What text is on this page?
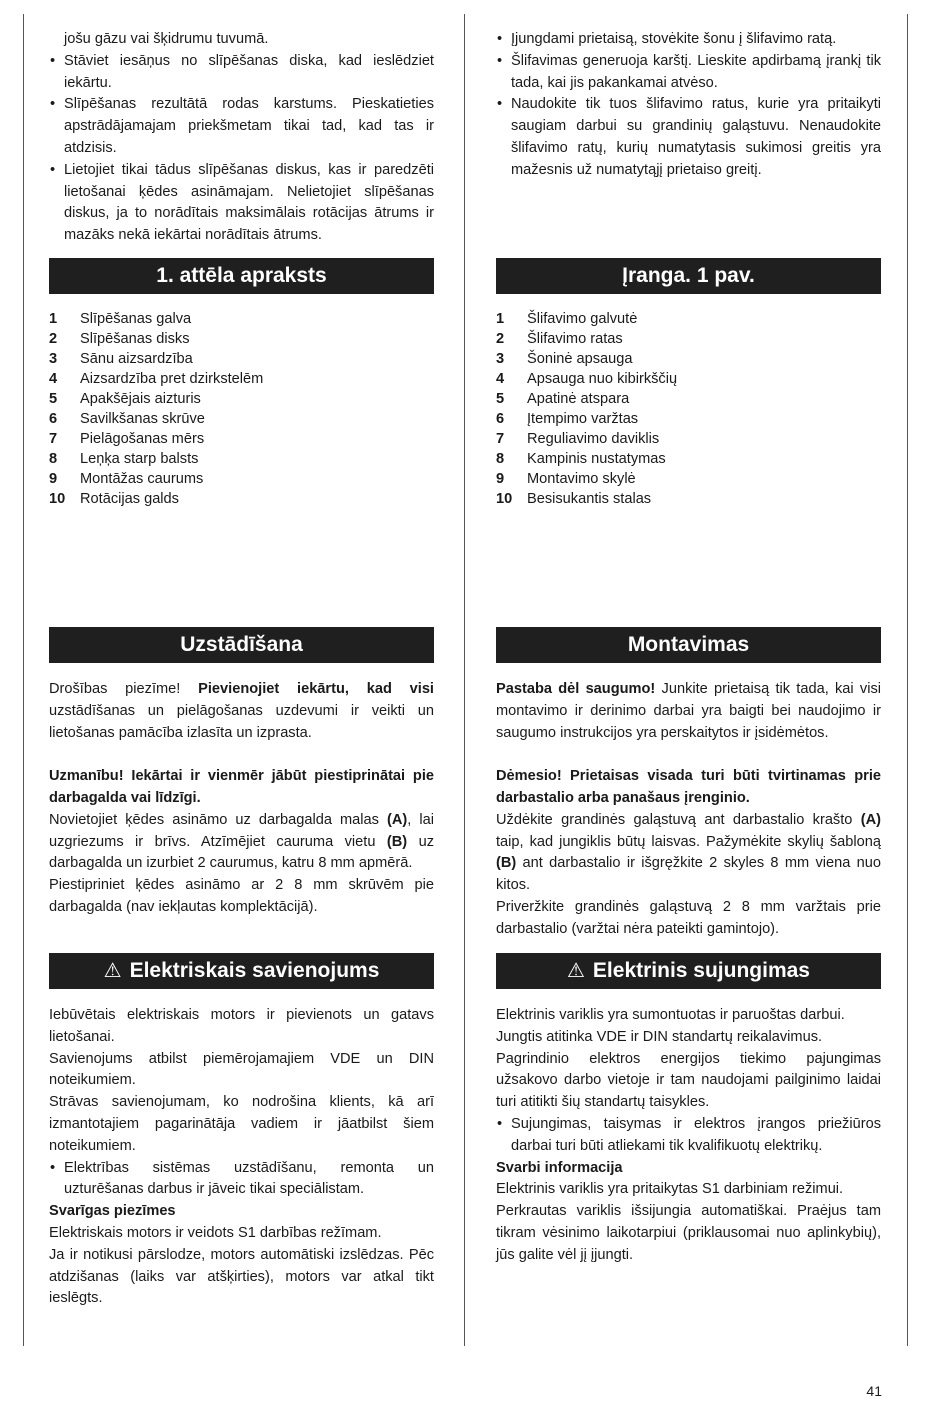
jošu gāzu vai šķidrumu tuvumā.

• Stāviet iesāņus no slīpēšanas diska, kad ieslēdziet iekārtu.
• Slīpēšanas rezultātā rodas karstums. Pieskatieties apstrādājamajam priekšmetam tikai tad, kad tas ir atdzisis.
• Lietojiet tikai tādus slīpēšanas diskus, kas ir paredzēti lietošanai ķēdes asināmajam. Nelietojiet slīpēšanas diskus, ja to norādītais maksimālais rotācijas ātrums ir mazāks nekā iekārtai norādītais ātrums.
1. attēla apraksts
1	Slīpēšanas galva
2	Slīpēšanas disks
3	Sānu aizsardzība
4	Aizsardzība pret dzirkstelēm
5	Apakšējais aizturis
6	Savilkšanas skrūve
7	Pielāgošanas mērs
8	Leņķa starp balsts
9	Montāžas caurums
10	Rotācijas galds
Uzstādīšana

Drošības piezīme! Pievienojiet iekārtu, kad visi uzstādīšanas un pielāgošanas uzdevumi ir veikti un lietošanas pamācība izlasīta un izprasta.

Uzmanību! Iekārtai ir vienmēr jābūt piestiprinātai pie darbagalda vai līdzīgi.

Novietojiet ķēdes asināmo uz darbagalda malas (A), lai uzgriezums ir brīvs. Atzīmējiet cauruma vietu (B) uz darbagalda un izurbiet 2 caurumus, katru 8 mm apmērā.

Piestipriniet ķēdes asināmo ar 2 8 mm skrūvēm pie darbagalda (nav iekļautas komplektācijā).

⚠ Elektriskais savienojums

Iebūvētais elektriskais motors ir pievienots un gatavs lietošanai.

Savienojums atbilst piemērojamajiem VDE un DIN noteikumiem.

Strāvas savienojumam, ko nodrošina klients, kā arī izmantotajiem pagarinātāja vadiem ir jāatbilst šiem noteikumiem.

• Elektrības sistēmas uzstādīšanu, remonta un uzturēšanas darbus ir jāveic tikai speciālistam.

Svarīgas piezīmes

Elektriskais motors ir veidots S1 darbības režīmam.

Ja ir notikusi pārslodze, motors automātiski izslēdzas. Pēc atdzišanas (laiks var atšķirties), motors var atkal tikt ieslēgts.

• Įjungdami prietaisą, stovėkite šonu į šlifavimo ratą.
• Šlifavimas generuoja karštį. Lieskite apdirbamą įrankį tik tada, kai jis pakankamai atvėso.
• Naudokite tik tuos šlifavimo ratus, kurie yra pritaikyti saugiam darbui su grandinių galąstuvu. Nenaudokite šlifavimo ratų, kurių numatytasis sukimosi greitis yra mažesnis už numatytąjį prietaiso greitį.
Įranga. 1 pav.
1	Šlifavimo galvutė
2	Šlifavimo ratas
3	Šoninė apsauga
4	Apsauga nuo kibirkščių
5	Apatinė atspara
6	Įtempimo varžtas
7	Reguliavimo daviklis
8	Kampinis nustatymas
9	Montavimo skylė
10	Besisukantis stalas
Montavimas

Pastaba dėl saugumo! Junkite prietaisą tik tada, kai visi montavimo ir derinimo darbai yra baigti bei naudojimo ir saugumo instrukcijos yra perskaitytos ir įsidėmėtos.

Dėmesio! Prietaisas visada turi būti tvirtinamas prie darbastalio arba panašaus įrenginio.

Uždėkite grandinės galąstuvą ant darbastalio krašto (A) taip, kad jungiklis būtų laisvas. Pažymėkite skylių šabloną (B) ant darbastalio ir išgręžkite 2 skyles 8 mm viena nuo kitos.

Priveržkite grandinės galąstuvą 2 8 mm varžtais prie darbastalio (varžtai nėra pateikti gamintojo).

⚠ Elektrinis sujungimas

Elektrinis variklis yra sumontuotas ir paruoštas darbui.

Jungtis atitinka VDE ir DIN standartų reikalavimus.

Pagrindinio elektros energijos tiekimo pajungimas užsakovo darbo vietoje ir tam naudojami pailginimo laidai turi atitikti šių standartų taisykles.

• Sujungimas, taisymas ir elektros įrangos priežiūros darbai turi būti atliekami tik kvalifikuotų elektrikų.

Svarbi informacija

Elektrinis variklis yra pritaikytas S1 darbiniam režimui.

Perkrautas variklis išsijungia automatiškai. Praėjus tam tikram vėsinimo laikotarpiui (priklausomai nuo aplinkybių), jūs galite vėl jį įjungti.

41
